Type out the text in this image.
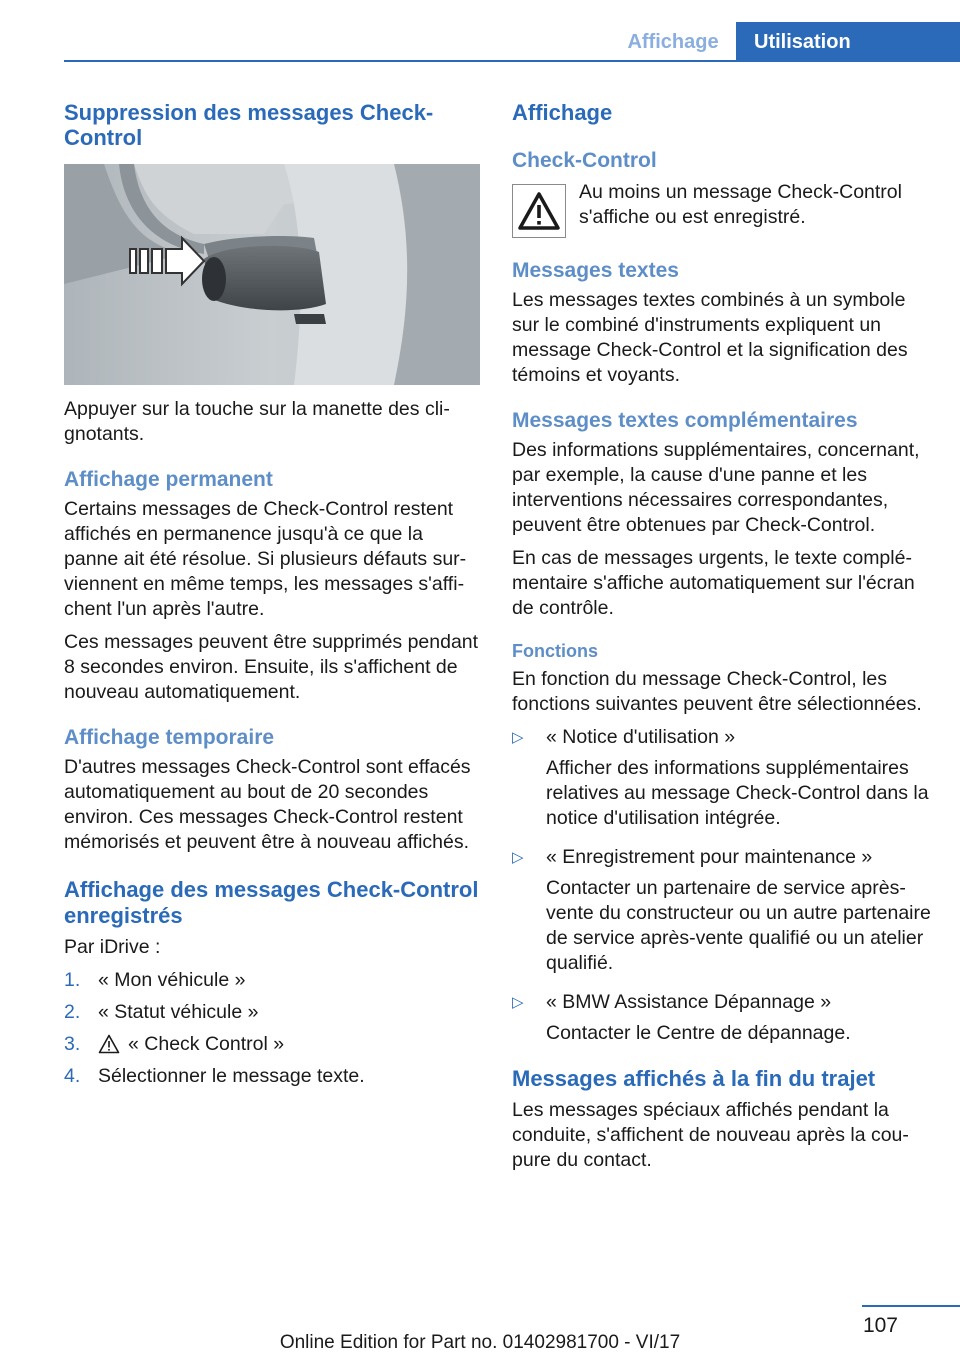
Affichage	Utilisation
Suppression des messages Check-Control

Appuyer sur la touche sur la manette des clignotants.

Affichage permanent

Certains messages de Check-Control restent affichés en permanence jusqu'à ce que la panne ait été résolue. Si plusieurs défauts surviennent en même temps, les messages s'affichent l'un après l'autre.

Ces messages peuvent être supprimés pendant 8 secondes environ. Ensuite, ils s'affichent de nouveau automatiquement.

Affichage temporaire

D'autres messages Check-Control sont effacés automatiquement au bout de 20 secondes environ. Ces messages Check-Control restent mémorisés et peuvent être à nouveau affichés.

Affichage des messages Check-Control enregistrés

Par iDrive :

1. « Mon véhicule »
2. « Statut véhicule »
3.	« Check Control »
4. Sélectionner le message texte.
Affichage
Check-Control

Au moins un message Check-Control s'affiche ou est enregistré.

Messages textes

Les messages textes combinés à un symbole sur le combiné d'instruments expliquent un message Check-Control et la signification des témoins et voyants.

Messages textes complémentaires

Des informations supplémentaires, concernant, par exemple, la cause d'une panne et les interventions nécessaires correspondantes, peuvent être obtenues par Check-Control.

En cas de messages urgents, le texte complémentaire s'affiche automatiquement sur l'écran de contrôle.

Fonctions

En fonction du message Check-Control, les fonctions suivantes peuvent être sélectionnées.

▷	« Notice d'utilisation »

Afficher des informations supplémentaires relatives au message Check-Control dans la notice d'utilisation intégrée.

▷	« Enregistrement pour maintenance »

Contacter un partenaire de service après-vente du constructeur ou un autre partenaire de service après-vente qualifié ou un atelier qualifié.

▷	« BMW Assistance Dépannage »

Contacter le Centre de dépannage.

Messages affichés à la fin du trajet

Les messages spéciaux affichés pendant la conduite, s'affichent de nouveau après la coupure du contact.

107
Online Edition for Part no. 01402981700 - VI/17
